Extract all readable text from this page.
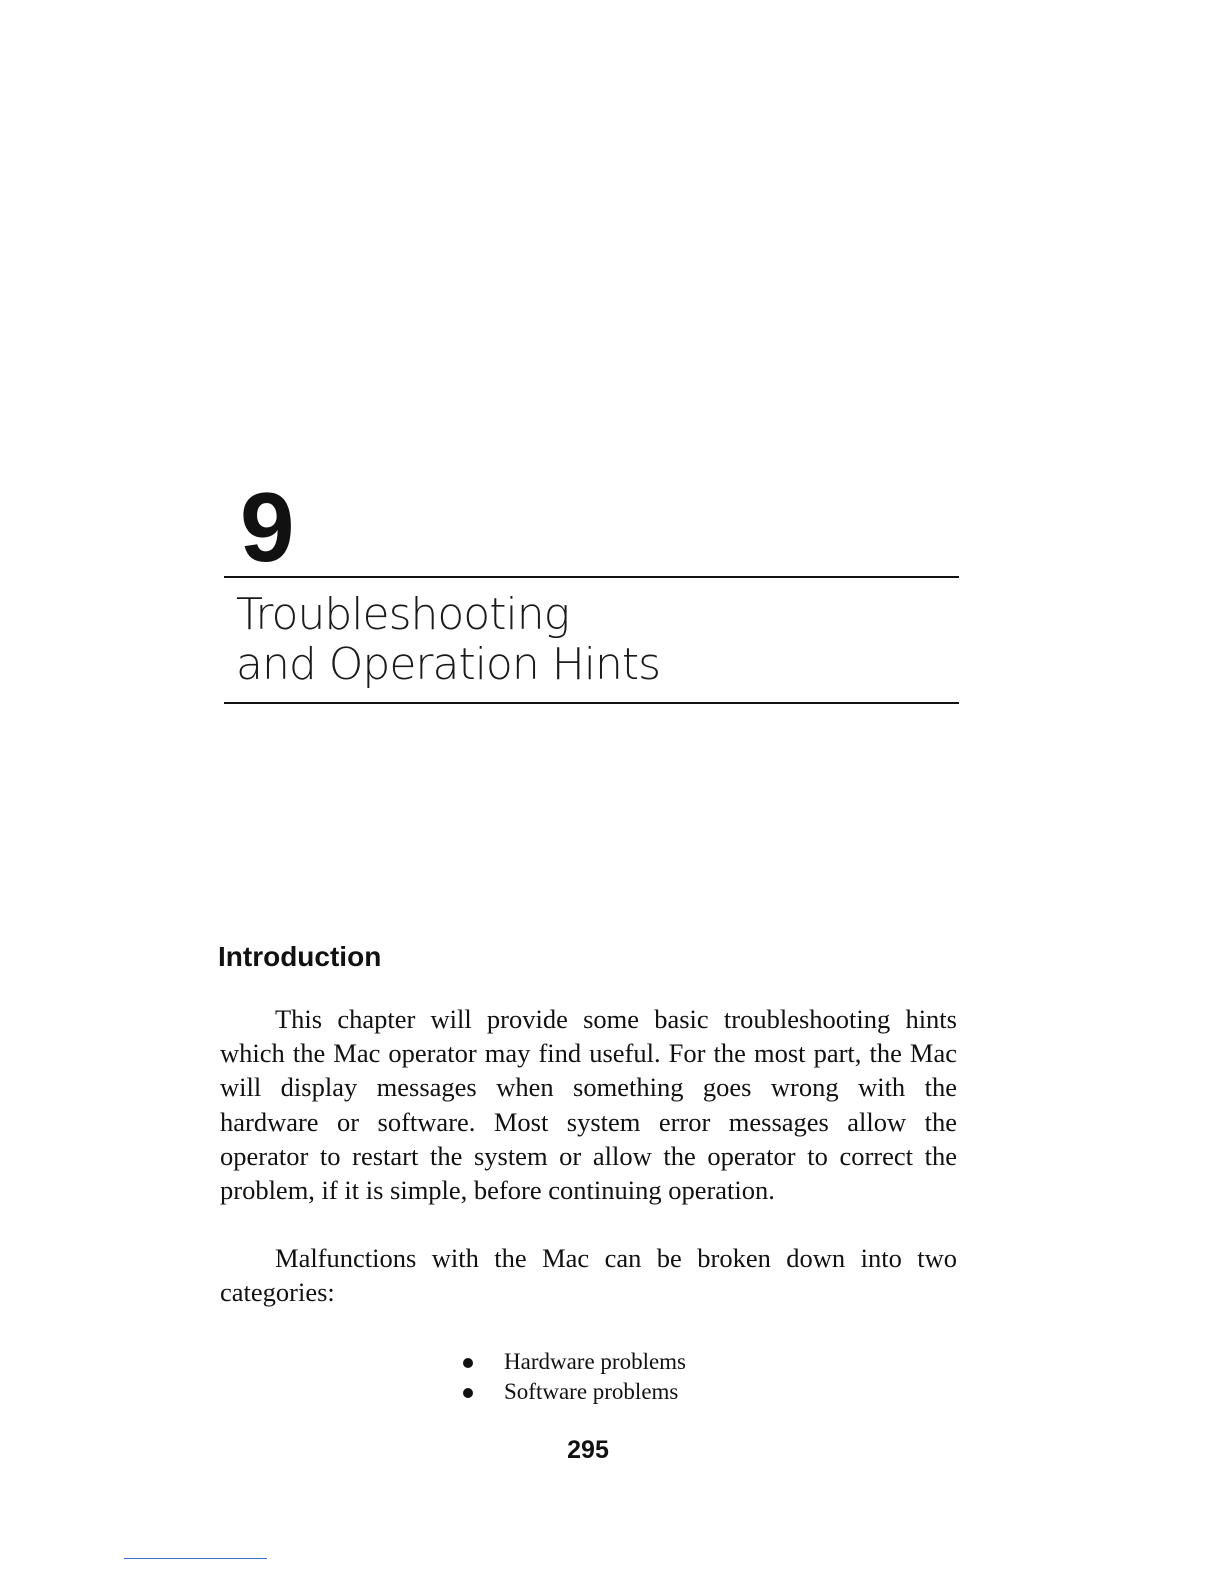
9
Troubleshooting
and Operation Hints
Introduction

This chapter will provide some basic troubleshooting hints which the Mac operator may find useful. For the most part, the Mac will display messages when something goes wrong with the hardware or software. Most system error messages allow the operator to restart the system or allow the operator to correct the problem, if it is simple, before continuing operation.

Malfunctions with the Mac can be broken down into two categories:

Hardware problems
Software problems
295
